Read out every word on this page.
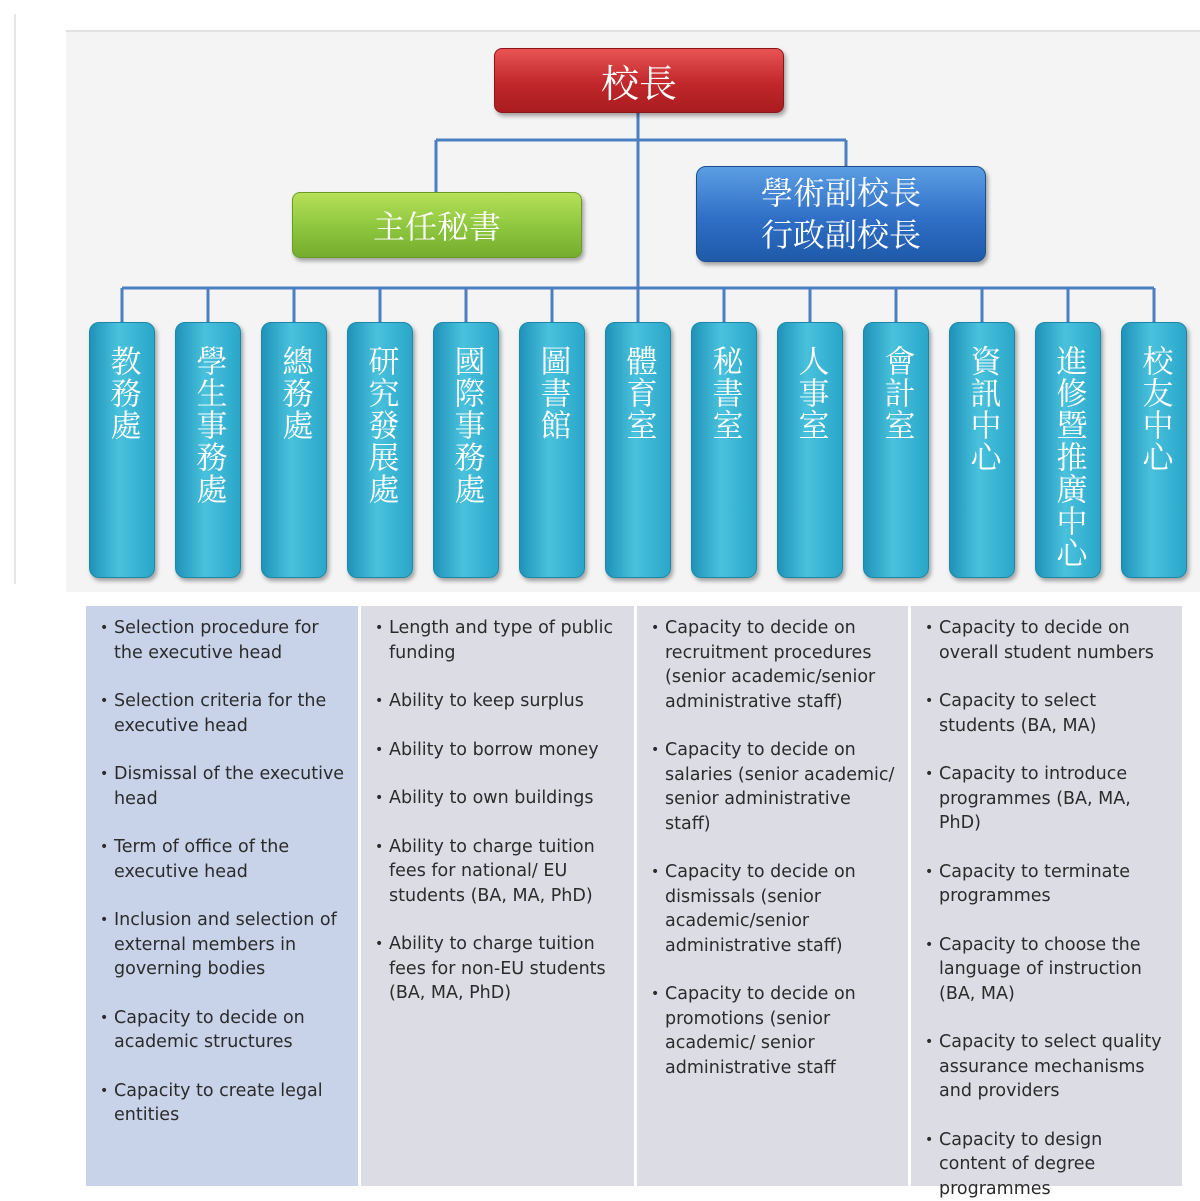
校長
主任秘書
學術副校長
行政副校長
教務處 學生事務處 總務處 研究發展處 國際事務處 圖書館 體育室 秘書室 人事室 會計室 資訊中心 進修暨推廣中心 校友中心
• Selection procedure for the executive head
• Selection criteria for the executive head
• Dismissal of the executive head
• Term of office of the executive head
• Inclusion and selection of external members in governing bodies
• Capacity to decide on academic structures
• Capacity to create legal entities
• Length and type of public funding
• Ability to keep surplus
• Ability to borrow money
• Ability to own buildings
• Ability to charge tuition fees for national/ EU students (BA, MA, PhD)
• Ability to charge tuition fees for non-EU students (BA, MA, PhD)
• Capacity to decide on recruitment procedures (senior academic/senior administrative staff)
• Capacity to decide on salaries (senior academic/ senior administrative staff)
• Capacity to decide on dismissals (senior academic/senior administrative staff)
• Capacity to decide on promotions (senior academic/ senior administrative staff
• Capacity to decide on overall student numbers
• Capacity to select students (BA, MA)
• Capacity to introduce programmes (BA, MA, PhD)
• Capacity to terminate programmes
• Capacity to choose the language of instruction (BA, MA)
• Capacity to select quality assurance mechanisms and providers
• Capacity to design content of degree programmes
